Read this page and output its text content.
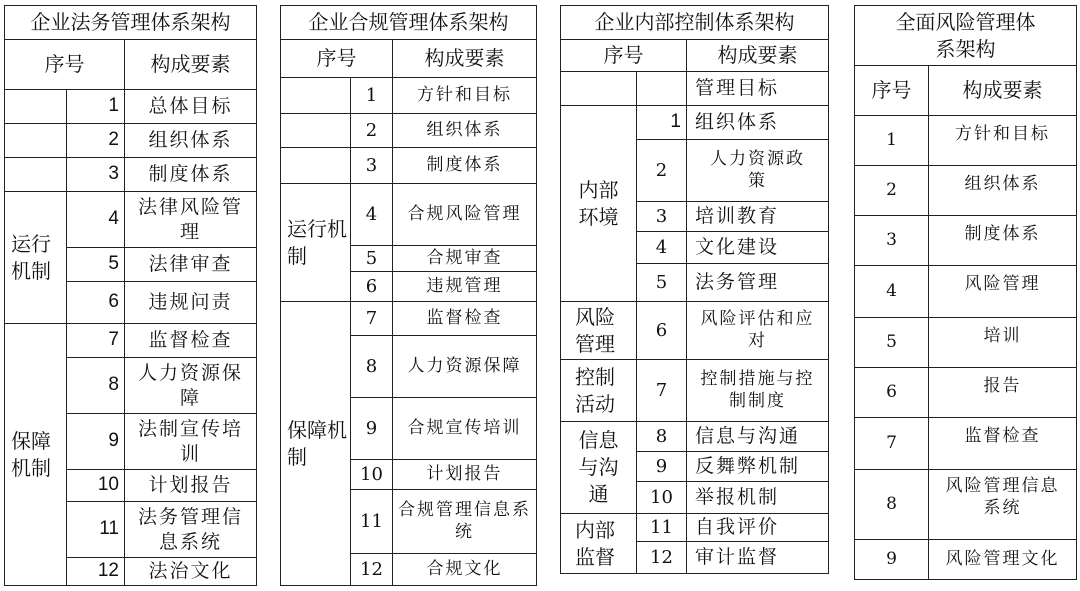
企业法务管理体系架构		
序号		构成要素
	1	总体目标
	2	组织体系
	3	制度体系
运行机制	4	法律风险管理
	5	法律审查
	6	违规问责
保障机制	7	监督检查
	8	人力资源保障
	9	法制宣传培训
	10	计划报告
	11	法务管理信息系统
	12	法治文化
企业合规管理体系架构		
序号		构成要素
	1	方针和目标
	2	组织体系
	3	制度体系
运行机制	4	合规风险管理
	5	合规审查
	6	违规管理
保障机制	7	监督检查
	8	人力资源保障
	9	合规宣传培训
	10	计划报告
	11	合规管理信息系统
	12	合规文化
企业内部控制体系架构		
序号		构成要素
		管理目标
内部环境	1	组织体系
	2	人力资源政策
	3	培训教育
	4	文化建设
	5	法务管理
风险管理	6	风险评估和应对
控制活动	7	控制措施与控制制度
信息与沟通	8	信息与沟通
	9	反舞弊机制
	10	举报机制
内部监督	11	自我评价
	12	审计监督
全面风险管理体系架构	
序号	构成要素
1	方针和目标
2	组织体系
3	制度体系
4	风险管理
5	培训
6	报告
7	监督检查
8	风险管理信息系统
9	风险管理文化
